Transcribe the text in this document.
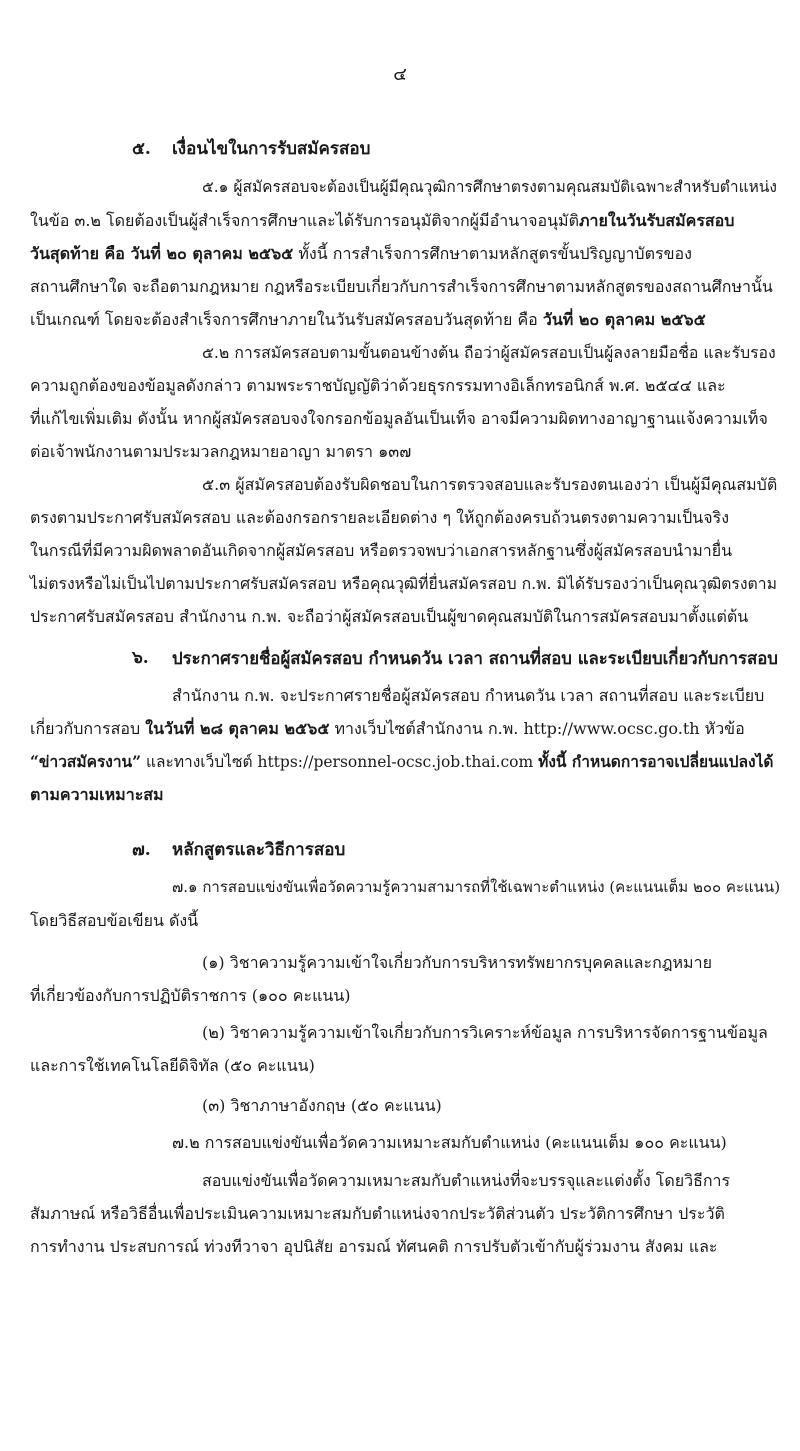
๔
๕. เงื่อนไขในการรับสมัครสอบ
๕.๑ ผู้สมัครสอบจะต้องเป็นผู้มีคุณวุฒิการศึกษาตรงตามคุณสมบัติเฉพาะสำหรับตำแหน่ง
ในข้อ ๓.๒ โดยต้องเป็นผู้สำเร็จการศึกษาและได้รับการอนุมัติจากผู้มีอำนาจอนุมัติภายในวันรับสมัครสอบ
วันสุดท้าย คือ วันที่ ๒๐ ตุลาคม ๒๕๖๕ ทั้งนี้ การสำเร็จการศึกษาตามหลักสูตรขั้นปริญญาบัตรของ
สถานศึกษาใด จะถือตามกฎหมาย กฎหรือระเบียบเกี่ยวกับการสำเร็จการศึกษาตามหลักสูตรของสถานศึกษานั้น
เป็นเกณฑ์ โดยจะต้องสำเร็จการศึกษาภายในวันรับสมัครสอบวันสุดท้าย คือ วันที่ ๒๐ ตุลาคม ๒๕๖๕
๕.๒ การสมัครสอบตามขั้นตอนข้างต้น ถือว่าผู้สมัครสอบเป็นผู้ลงลายมือชื่อ และรับรอง
ความถูกต้องของข้อมูลดังกล่าว ตามพระราชบัญญัติว่าด้วยธุรกรรมทางอิเล็กทรอนิกส์ พ.ศ. ๒๕๔๔ และ
ที่แก้ไขเพิ่มเติม ดังนั้น หากผู้สมัครสอบจงใจกรอกข้อมูลอันเป็นเท็จ อาจมีความผิดทางอาญาฐานแจ้งความเท็จ
ต่อเจ้าพนักงานตามประมวลกฎหมายอาญา มาตรา ๑๓๗
๕.๓ ผู้สมัครสอบต้องรับผิดชอบในการตรวจสอบและรับรองตนเองว่า เป็นผู้มีคุณสมบัติ
ตรงตามประกาศรับสมัครสอบ และต้องกรอกรายละเอียดต่าง ๆ ให้ถูกต้องครบถ้วนตรงตามความเป็นจริง
ในกรณีที่มีความผิดพลาดอันเกิดจากผู้สมัครสอบ หรือตรวจพบว่าเอกสารหลักฐานซึ่งผู้สมัครสอบนำมายื่น
ไม่ตรงหรือไม่เป็นไปตามประกาศรับสมัครสอบ หรือคุณวุฒิที่ยื่นสมัครสอบ ก.พ. มิได้รับรองว่าเป็นคุณวุฒิตรงตาม
ประกาศรับสมัครสอบ สำนักงาน ก.พ. จะถือว่าผู้สมัครสอบเป็นผู้ขาดคุณสมบัติในการสมัครสอบมาตั้งแต่ต้น
๖. ประกาศรายชื่อผู้สมัครสอบ กำหนดวัน เวลา สถานที่สอบ และระเบียบเกี่ยวกับการสอบ
สำนักงาน ก.พ. จะประกาศรายชื่อผู้สมัครสอบ กำหนดวัน เวลา สถานที่สอบ และระเบียบ
เกี่ยวกับการสอบ ในวันที่ ๒๘ ตุลาคม ๒๕๖๕ ทางเว็บไซต์สำนักงาน ก.พ. http://www.ocsc.go.th หัวข้อ
“ข่าวสมัครงาน” และทางเว็บไซต์ https://personnel-ocsc.job.thai.com ทั้งนี้ กำหนดการอาจเปลี่ยนแปลงได้
ตามความเหมาะสม
๗. หลักสูตรและวิธีการสอบ
๗.๑ การสอบแข่งขันเพื่อวัดความรู้ความสามารถที่ใช้เฉพาะตำแหน่ง (คะแนนเต็ม ๒๐๐ คะแนน)
โดยวิธีสอบข้อเขียน ดังนี้
(๑) วิชาความรู้ความเข้าใจเกี่ยวกับการบริหารทรัพยากรบุคคลและกฎหมาย
ที่เกี่ยวข้องกับการปฏิบัติราชการ (๑๐๐ คะแนน)
(๒) วิชาความรู้ความเข้าใจเกี่ยวกับการวิเคราะห์ข้อมูล การบริหารจัดการฐานข้อมูล
และการใช้เทคโนโลยีดิจิทัล (๕๐ คะแนน)
(๓) วิชาภาษาอังกฤษ (๕๐ คะแนน)
๗.๒ การสอบแข่งขันเพื่อวัดความเหมาะสมกับตำแหน่ง (คะแนนเต็ม ๑๐๐ คะแนน)
สอบแข่งขันเพื่อวัดความเหมาะสมกับตำแหน่งที่จะบรรจุและแต่งตั้ง โดยวิธีการ
สัมภาษณ์ หรือวิธีอื่นเพื่อประเมินความเหมาะสมกับตำแหน่งจากประวัติส่วนตัว ประวัติการศึกษา ประวัติ
การทำงาน ประสบการณ์ ท่วงทีวาจา อุปนิสัย อารมณ์ ทัศนคติ การปรับตัวเข้ากับผู้ร่วมงาน สังคม และ
